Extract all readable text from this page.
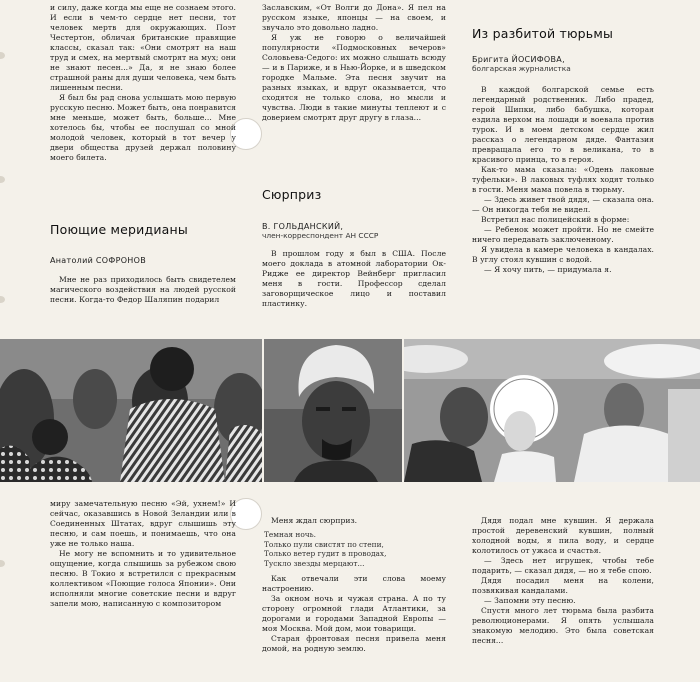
и силу, даже когда мы еще не сознаем этого. И если в чем-то сердце нет песни, тот человек мертв для окружающих. Поэт Честертон, обличая британские правящие классы, сказал так: «Они смотрят на наш труд и смех, на мертвый смотрят на мух; они не знают песен...» Да, я не знаю более страшной раны для души человека, чем быть лишенным песни.

Я был бы рад снова услышать мою первую русскую песню. Может быть, она понравится мне меньше, может быть, больше... Мне хотелось бы, чтобы ее послушал со мной молодой человек, который в тот вечер у двери общества друзей держал половину моего билета.

Поющие меридианы

Анатолий СОФРОНОВ

Мне не раз приходилось быть свидетелем магического воздействия на людей русской песни. Когда-то Федор Шаляпин подарил

Заславским, «От Волги до Дона». Я пел на русском языке, японцы — на своем, и звучало это довольно ладно.

Я уж не говорю о величайшей популярности «Подмосковных вечеров» Соловьева-Седого: их можно слышать всюду — и в Париже, и в Нью-Йорке, и в шведском городке Мальме. Эта песня звучит на разных языках, и вдруг оказывается, что сходятся не только слова, но мысли и чувства. Люди в такие минуты теплеют и с доверием смотрят друг другу в глаза...

Сюрприз

В. ГОЛЬДАНСКИЙ,

член-корреспондент АН СССР

В прошлом году я был в США. После моего доклада в атомной лаборатории Ок-Ридже ее директор Вейнберг пригласил меня в гости. Профессор сделал заговорщическое лицо и поставил пластинку.

Из разбитой тюрьмы

Бригита ЙОСИФОВА,

болгарская журналистка

В каждой болгарской семье есть легендарный родственник. Либо прадед, герой Шипки, либо бабушка, которая ездила верхом на лошади и воевала против турок. И в моем детском сердце жил рассказ о легендарном дяде. Фантазия превращала его то в великана, то в красивого принца, то в героя.

Как-то мама сказала: «Одень лаковые туфельки». В лаковых туфлях ходят только в гости. Меня мама повела в тюрьму.

— Здесь живет твой дядя, — сказала она. — Он никогда тебя не видел.

Встретил нас полицейский в форме:

— Ребенок может пройти. Но не смейте ничего передавать заключенному.

Я увидела в камере человека в кандалах. В углу стоял кувшин с водой.

— Я хочу пить, — придумала я.

миру замечательную песню «Эй, ухнем!» И сейчас, оказавшись в Новой Зеландии или в Соединенных Штатах, вдруг слышишь эту песню, и сам поешь, и понимаешь, что она уже не только наша.

Не могу не вспомнить и то удивительное ощущение, когда слышишь за рубежом свою песню. В Токио я встретился с прекрасным коллективом «Поющие голоса Японии». Они исполняли многие советские песни и вдруг запели мою, написанную с композитором

Меня ждал сюрприз.

Темная ночь.

Только пули свистят по степи,

Только ветер гудит в проводах,

Тускло звезды мерцают...

Как отвечали эти слова моему настроению.

За окном ночь и чужая страна. А по ту сторону огромной глади Атлантики, за дорогами и городами Западной Европы — моя Москва. Мой дом, мои товарищи.

Старая фронтовая песня привела меня домой, на родную землю.

Дядя подал мне кувшин. Я держала простой деревенский кувшин, полный холодной воды, я пила воду, и сердце колотилось от ужаса и счастья.

— Здесь нет игрушек, чтобы тебе подарить, — сказал дядя, — но я тебе спою.

Дядя посадил меня на колени, позвякивая кандалами.

— Запомни эту песню.

Спустя много лет тюрьма была разбита революционерами. Я опять услышала знакомую мелодию. Это была советская песня...
